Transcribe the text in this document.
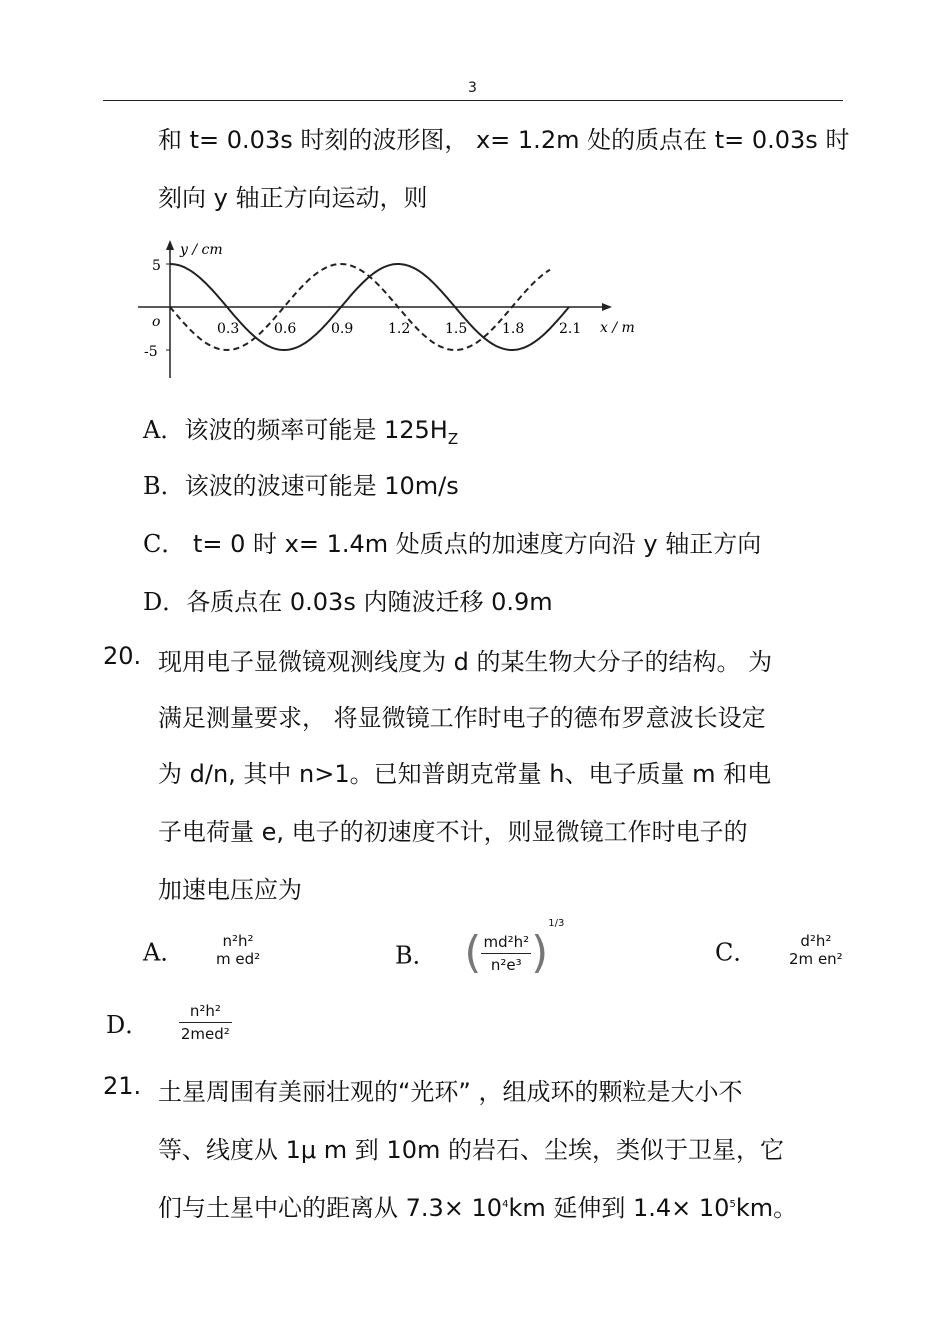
3
和 t= 0.03s 时刻的波形图， x= 1.2m 处的质点在 t= 0.03s 时
刻向 y 轴正方向运动，则
y / cm
x / m
o
5
-5
0.3 0.6 0.9 1.2 1.5 1.8 2.1
A．该波的频率可能是 $125H_Z$
B．该波的波速可能是 10m/s
C． t= 0 时 x= 1.4m 处质点的加速度方向沿 y 轴正方向
D．各质点在 0.03s 内随波迁移 0.9m
20. 现用电子显微镜观测线度为 d 的某生物大分子的结构。 为
满足测量要求， 将显微镜工作时电子的德布罗意波长设定
为 d/n, 其中 n>1。已知普朗克常量 h、电子质量 m 和电
子电荷量 e, 电子的初速度不计，则显微镜工作时电子的
加速电压应为
A．	n²h²
m ed²	B． ( $\frac{\text{md²h²}}{\text{n²e³}} )1/3$
C．	d²h²
2m en²
D． $\frac{\text{n²h²}}{\text{2med²}}$
21. 土星周围有美丽壮观的“光环” ，组成环的颗粒是大小不
等、线度从 1μ m 到 10m 的岩石、尘埃，类似于卫星，它
们与土星中心的距离从 $7.3\times 10^4km$ 延伸到 $1.4\times 10^5km$。
